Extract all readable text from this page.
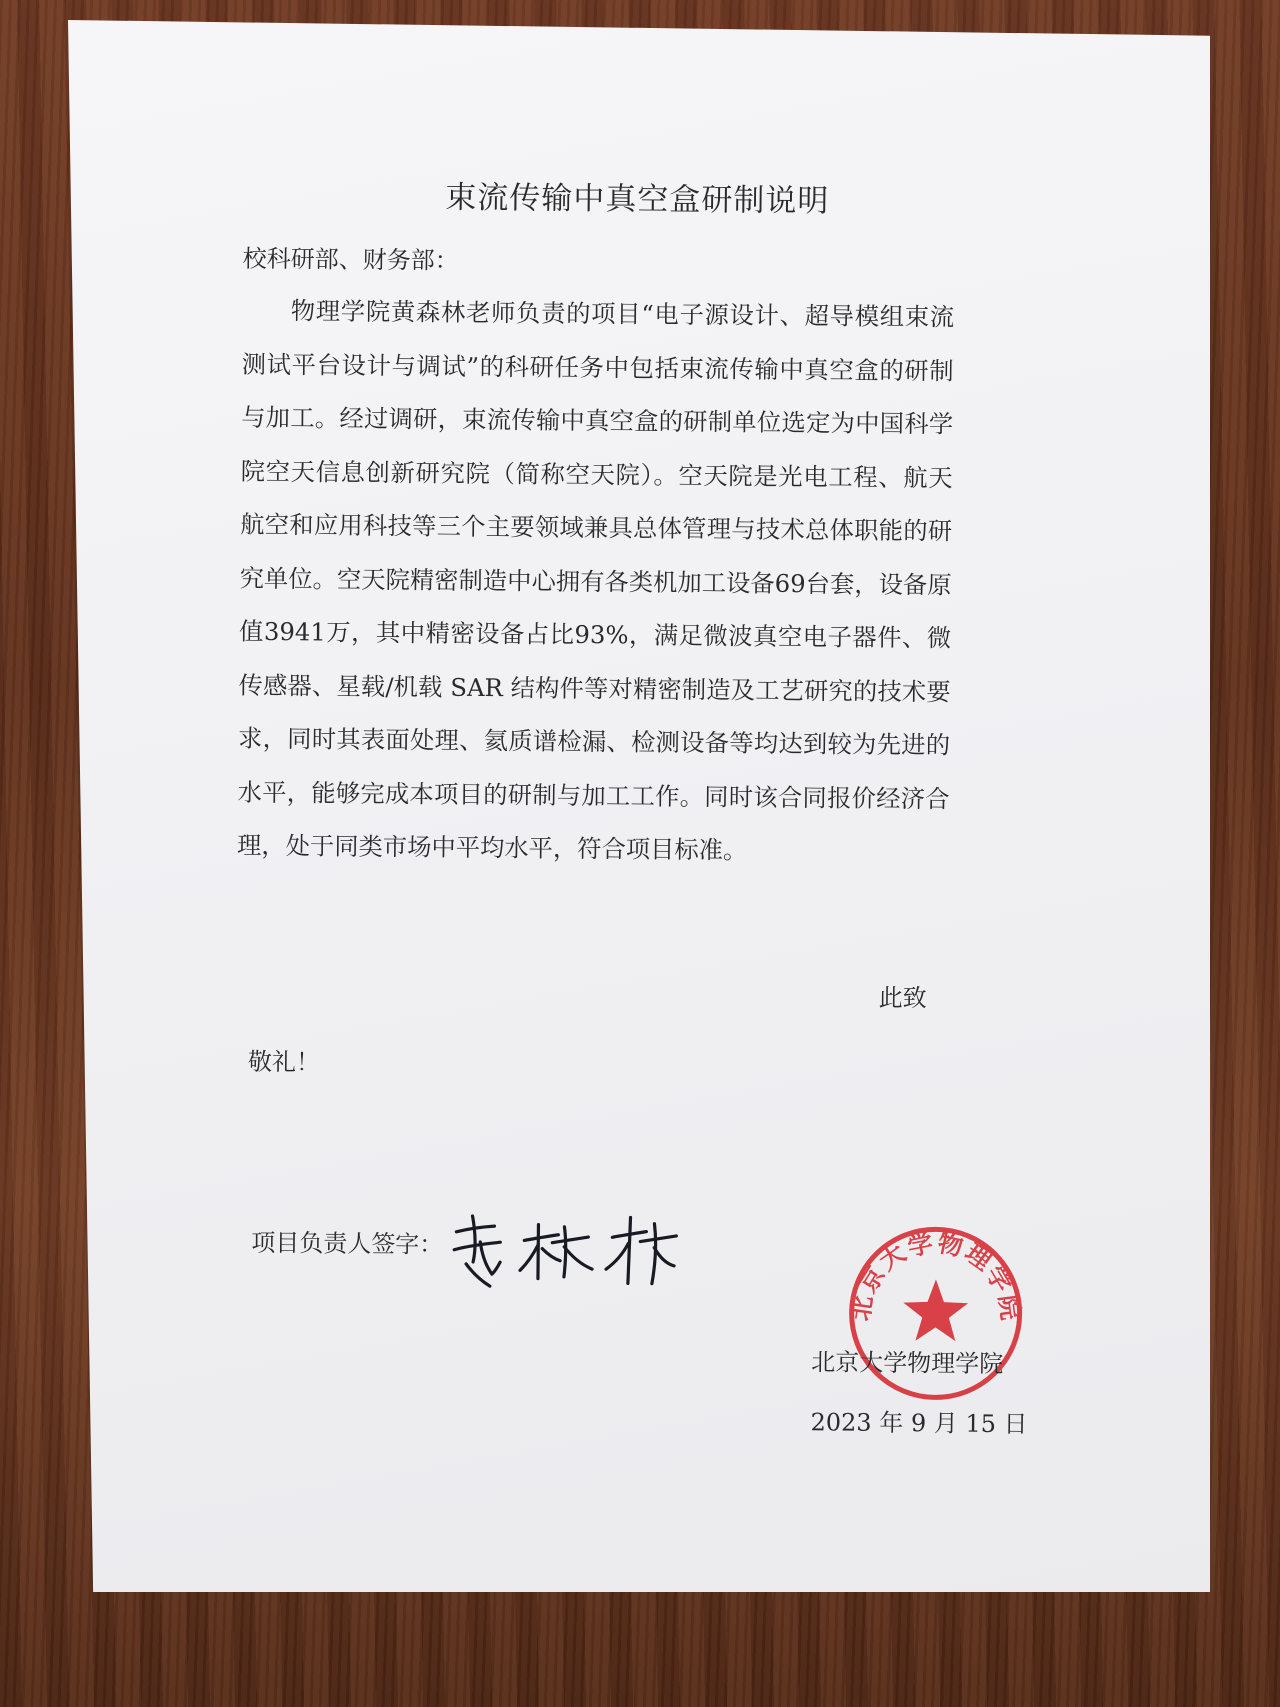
束流传输中真空盒研制说明
校科研部、财务部：

物理学院黄森林老师负责的项目“电子源设计、超导模组束流测试平台设计与调试”的科研任务中包括束流传输中真空盒的研制与加工。经过调研，束流传输中真空盒的研制单位选定为中国科学院空天信息创新研究院（简称空天院）。空天院是光电工程、航天航空和应用科技等三个主要领域兼具总体管理与技术总体职能的研究单位。空天院精密制造中心拥有各类机加工设备69台套，设备原值3941万，其中精密设备占比93%，满足微波真空电子器件、微传感器、星载/机载 SAR 结构件等对精密制造及工艺研究的技术要求，同时其表面处理、氦质谱检漏、检测设备等均达到较为先进的水平，能够完成本项目的研制与加工工作。同时该合同报价经济合理，处于同类市场中平均水平，符合项目标准。

此致
敬礼！
项目负责人签字：
北京大学物理学院
北京大学物理学院
2023 年 9 月 15 日
